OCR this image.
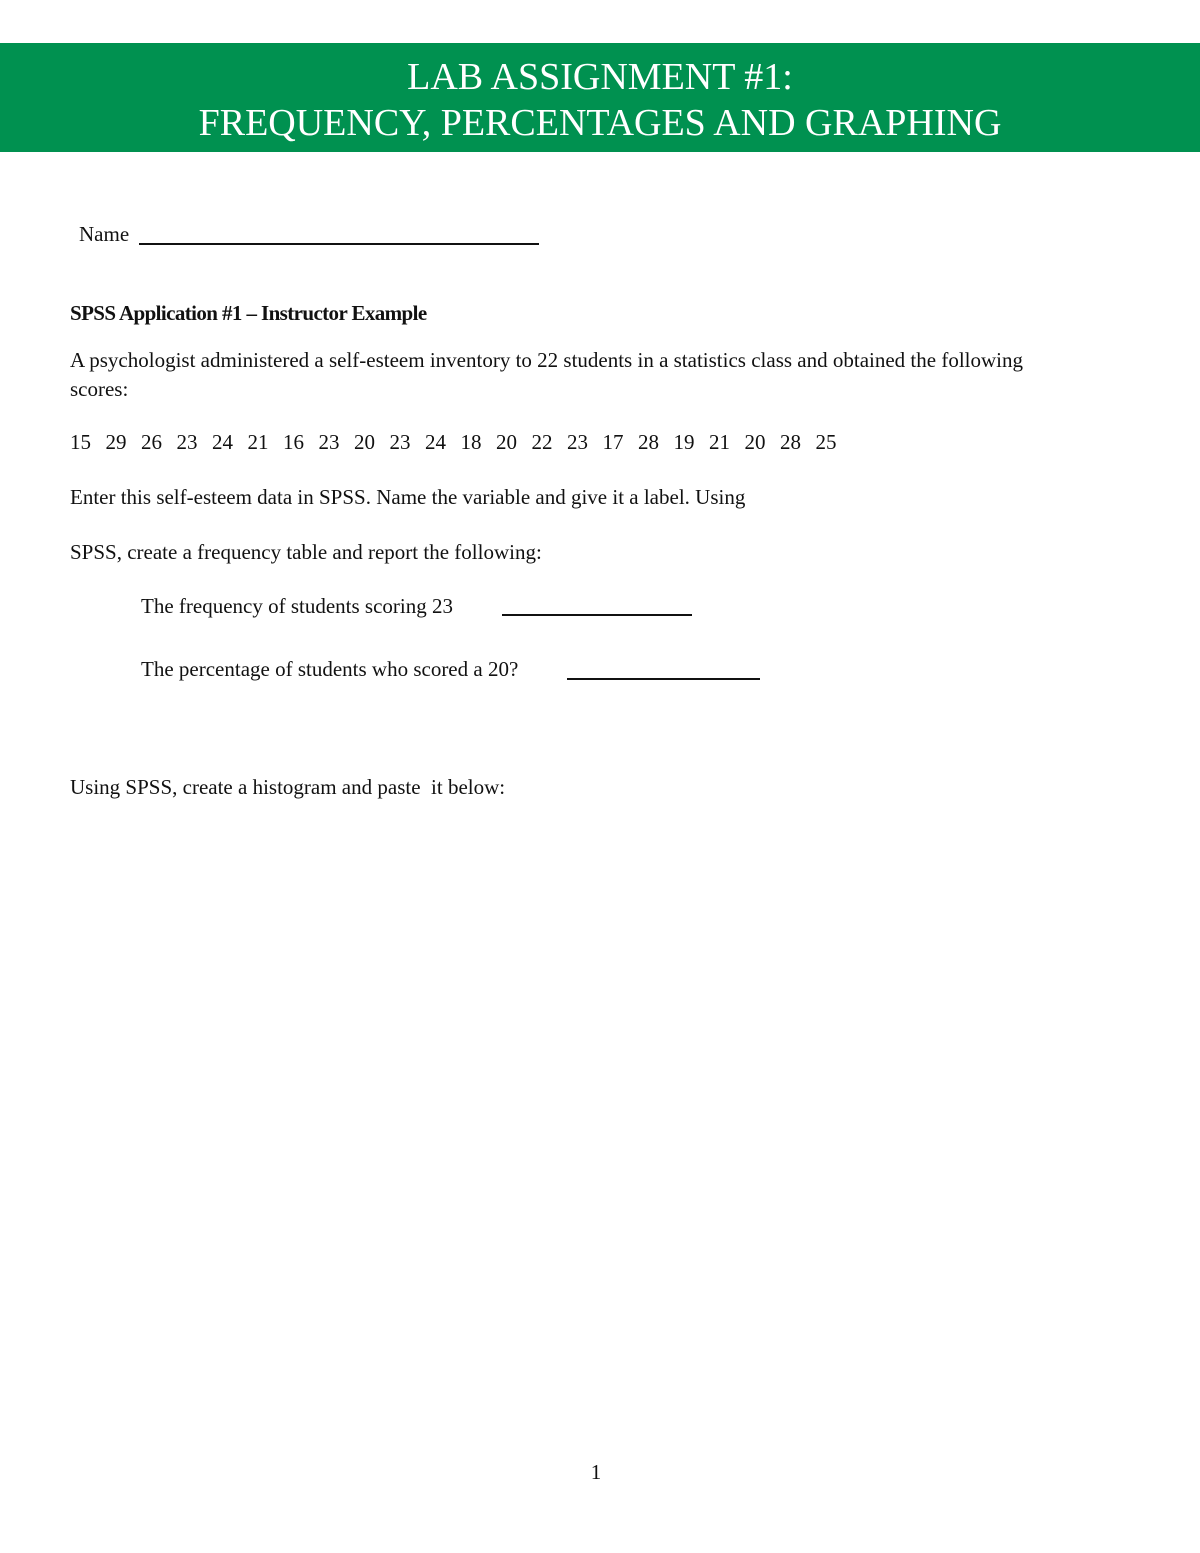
LAB ASSIGNMENT #1:
FREQUENCY, PERCENTAGES AND GRAPHING
Name
SPSS Application #1 – Instructor Example
A psychologist administered a self-esteem inventory to 22 students in a statistics class and obtained the following
scores:
15  29  26  23  24  21  16  23  20  23  24  18  20  22  23  17  28  19  21  20  28  25
Enter this self-esteem data in SPSS. Name the variable and give it a label. Using
SPSS, create a frequency table and report the following:
The frequency of students scoring 23
The percentage of students who scored a 20?
Using SPSS, create a histogram and paste  it below:
1
